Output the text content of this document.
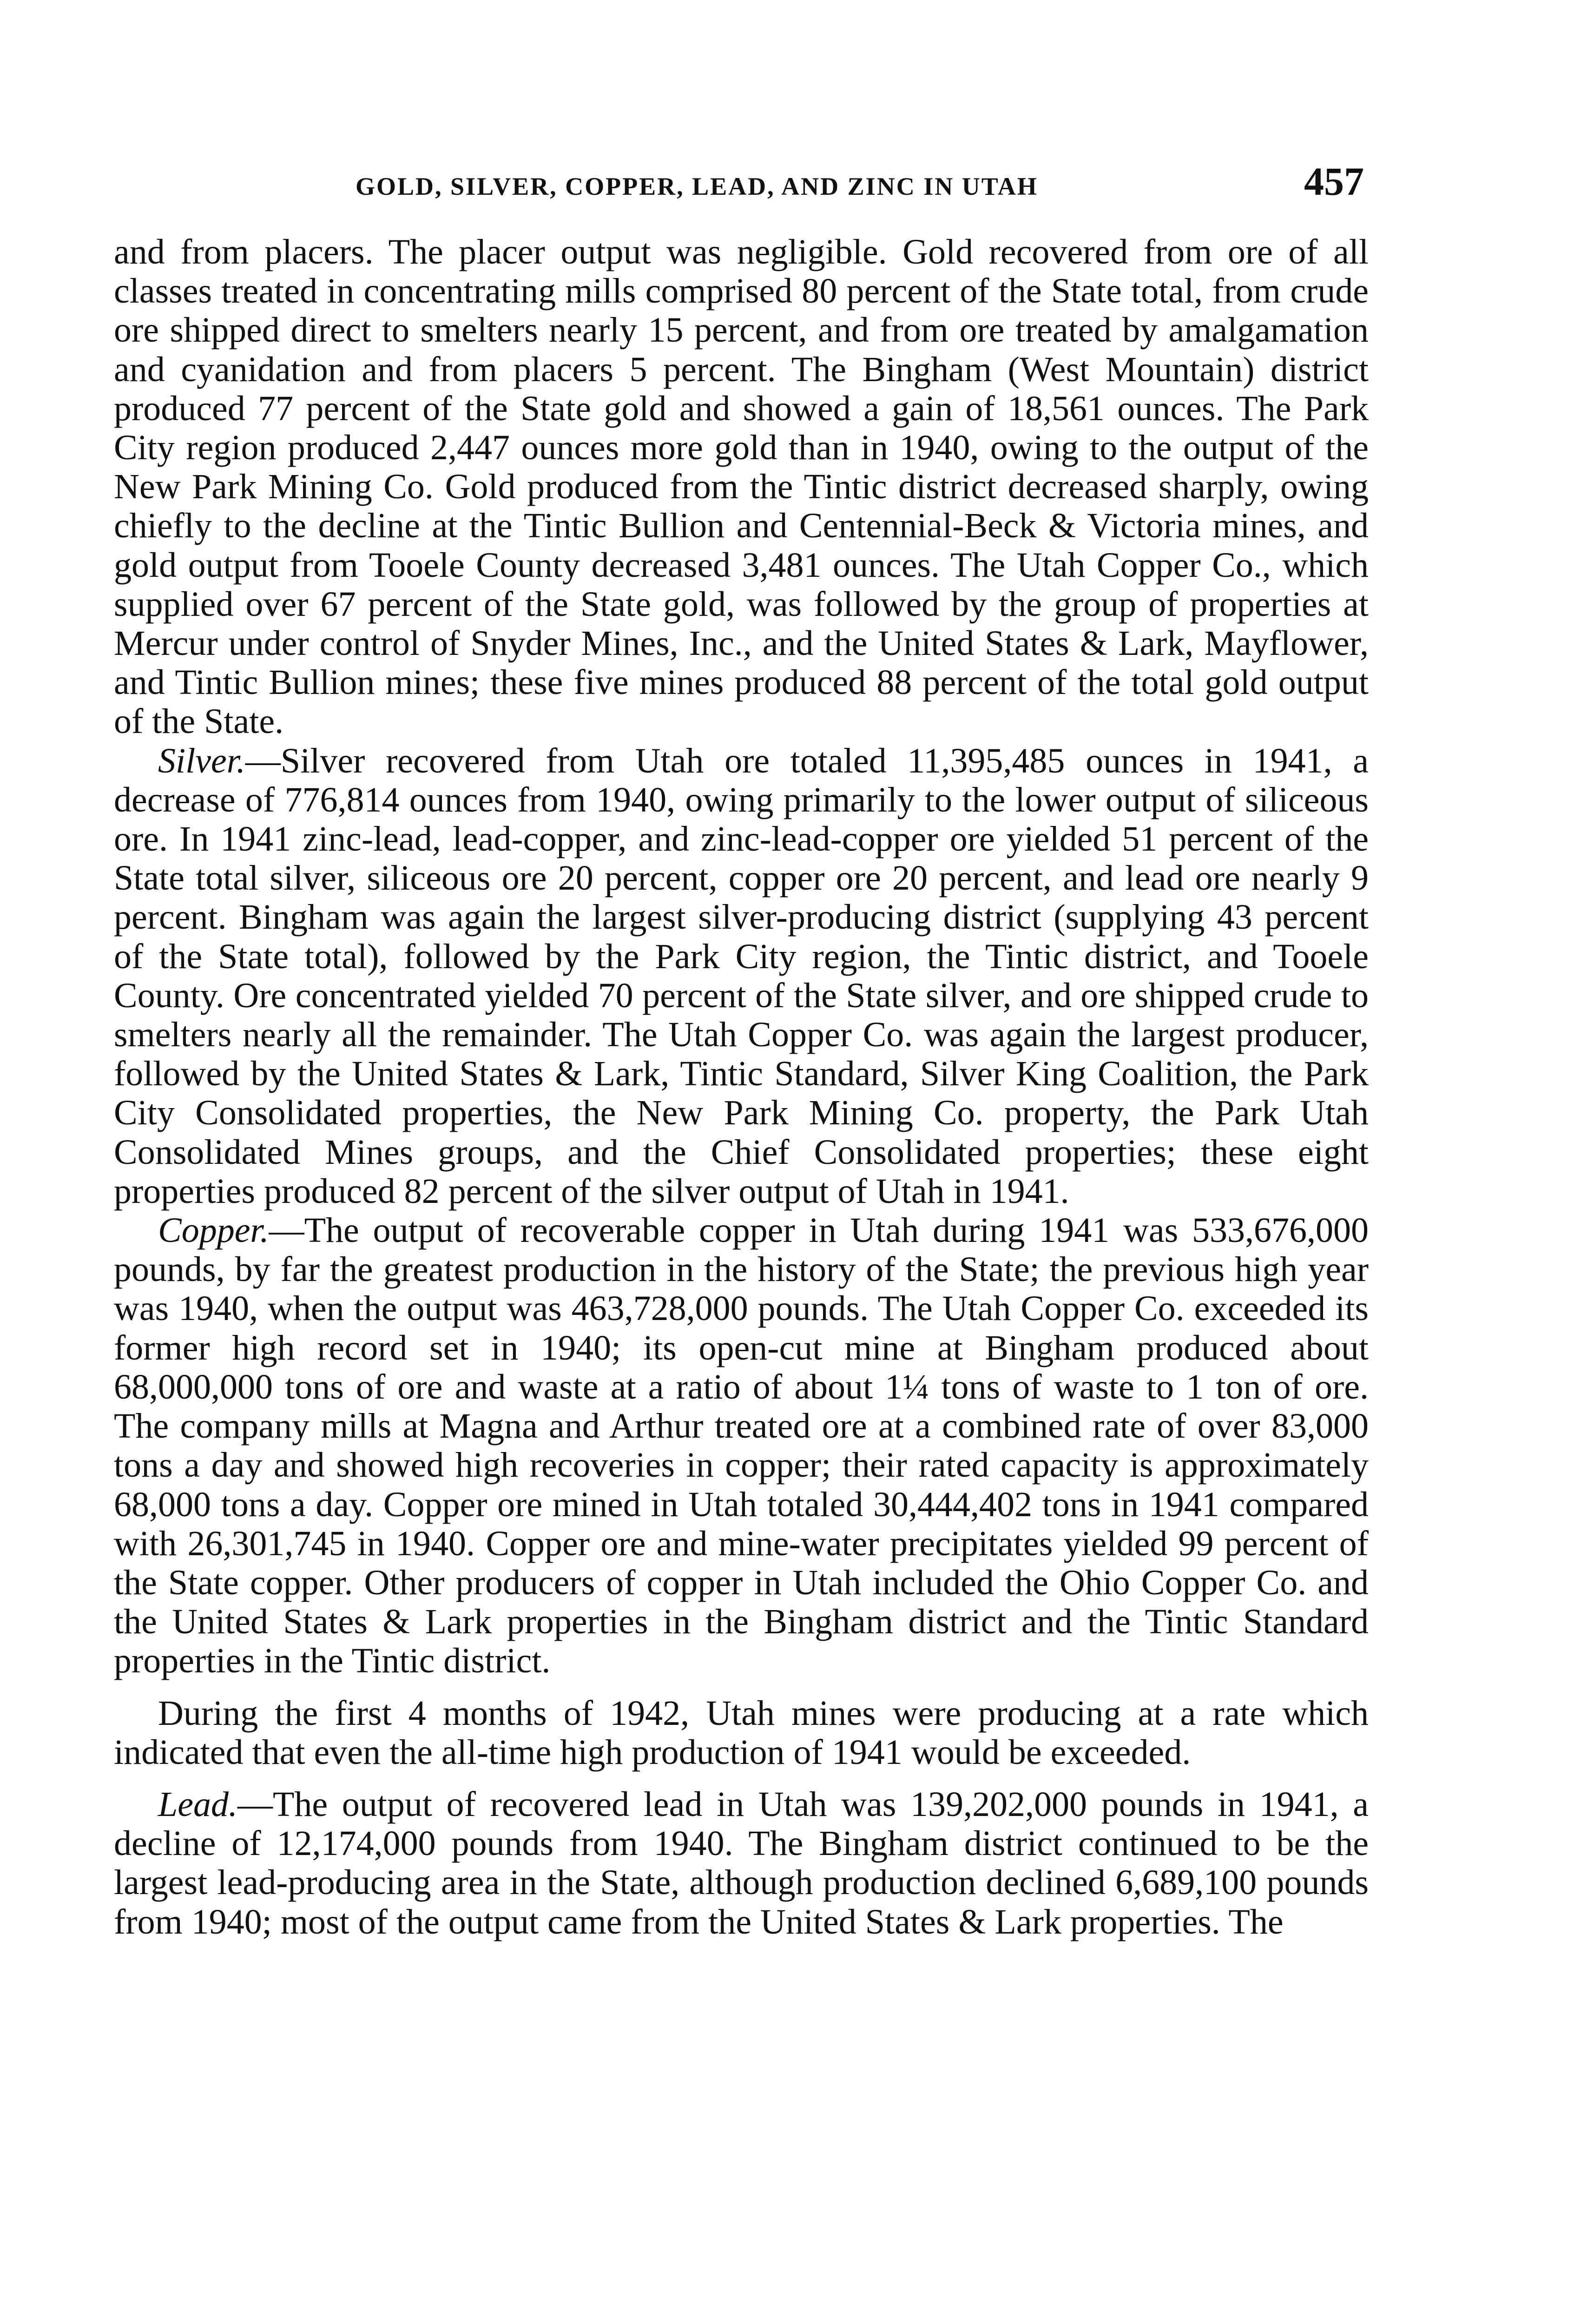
GOLD, SILVER, COPPER, LEAD, AND ZINC IN UTAH	457

and from placers. The placer output was negligible. Gold recovered from ore of all classes treated in concentrating mills comprised 80 percent of the State total, from crude ore shipped direct to smelters nearly 15 percent, and from ore treated by amalgamation and cyanidation and from placers 5 percent. The Bingham (West Mountain) district produced 77 percent of the State gold and showed a gain of 18,561 ounces. The Park City region produced 2,447 ounces more gold than in 1940, owing to the output of the New Park Mining Co. Gold produced from the Tintic district decreased sharply, owing chiefly to the decline at the Tintic Bullion and Centennial-Beck & Victoria mines, and gold output from Tooele County decreased 3,481 ounces. The Utah Copper Co., which supplied over 67 percent of the State gold, was followed by the group of properties at Mercur under control of Snyder Mines, Inc., and the United States & Lark, Mayflower, and Tintic Bullion mines; these five mines produced 88 percent of the total gold output of the State.

Silver.—Silver recovered from Utah ore totaled 11,395,485 ounces in 1941, a decrease of 776,814 ounces from 1940, owing primarily to the lower output of siliceous ore. In 1941 zinc-lead, lead-copper, and zinc-lead-copper ore yielded 51 percent of the State total silver, siliceous ore 20 percent, copper ore 20 percent, and lead ore nearly 9 percent. Bingham was again the largest silver-producing district (supplying 43 percent of the State total), followed by the Park City region, the Tintic district, and Tooele County. Ore concentrated yielded 70 percent of the State silver, and ore shipped crude to smelters nearly all the remainder. The Utah Copper Co. was again the largest producer, followed by the United States & Lark, Tintic Standard, Silver King Coalition, the Park City Consolidated properties, the New Park Mining Co. property, the Park Utah Consolidated Mines groups, and the Chief Consolidated properties; these eight properties produced 82 percent of the silver output of Utah in 1941.

Copper.—The output of recoverable copper in Utah during 1941 was 533,676,000 pounds, by far the greatest production in the history of the State; the previous high year was 1940, when the output was 463,728,000 pounds. The Utah Copper Co. exceeded its former high record set in 1940; its open-cut mine at Bingham produced about 68,000,000 tons of ore and waste at a ratio of about 1¼ tons of waste to 1 ton of ore. The company mills at Magna and Arthur treated ore at a combined rate of over 83,000 tons a day and showed high recoveries in copper; their rated capacity is approximately 68,000 tons a day. Copper ore mined in Utah totaled 30,444,402 tons in 1941 compared with 26,301,745 in 1940. Copper ore and mine-water precipitates yielded 99 percent of the State copper. Other producers of copper in Utah included the Ohio Copper Co. and the United States & Lark properties in the Bingham district and the Tintic Standard properties in the Tintic district.

During the first 4 months of 1942, Utah mines were producing at a rate which indicated that even the all-time high production of 1941 would be exceeded.

Lead.—The output of recovered lead in Utah was 139,202,000 pounds in 1941, a decline of 12,174,000 pounds from 1940. The Bingham district continued to be the largest lead-producing area in the State, although production declined 6,689,100 pounds from 1940; most of the output came from the United States & Lark properties. The
